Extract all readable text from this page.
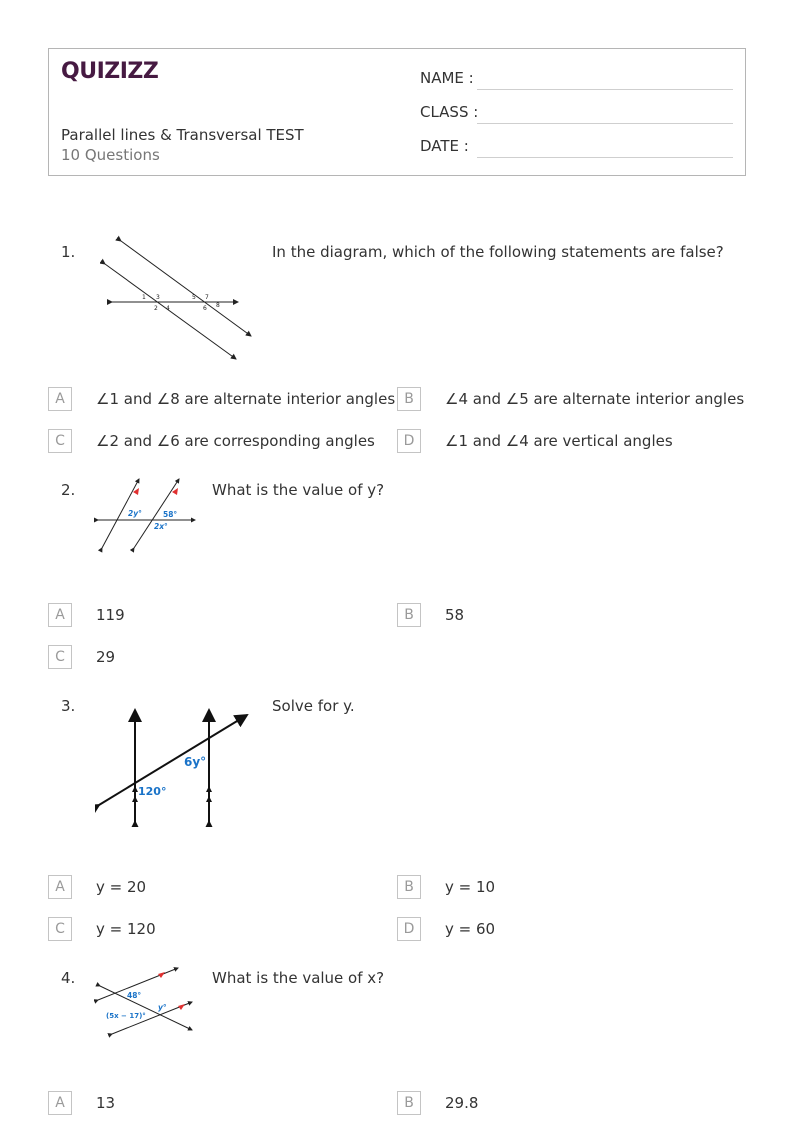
QUIZIZZ
Parallel lines & Transversal TEST
10 Questions
NAME :
CLASS :
DATE :
1.	In the diagram, which of the following statements are false?
1 3
2 4
5 7
6 8
A	∠1 and ∠8 are alternate interior angles B	∠4 and ∠5 are alternate interior angles
C	∠2 and ∠6 are corresponding angles	D	∠1 and ∠4 are vertical angles
2.	What is the value of y?
2y°	58°
2x°
A	119	B	58
C	29
3.	Solve for y.
6y°
120°
A	y = 20	B	y = 10
C	y = 120	D	y = 60
4.	What is the value of x?
48°
y°
(5x − 17)°
A	13	B	29.8
